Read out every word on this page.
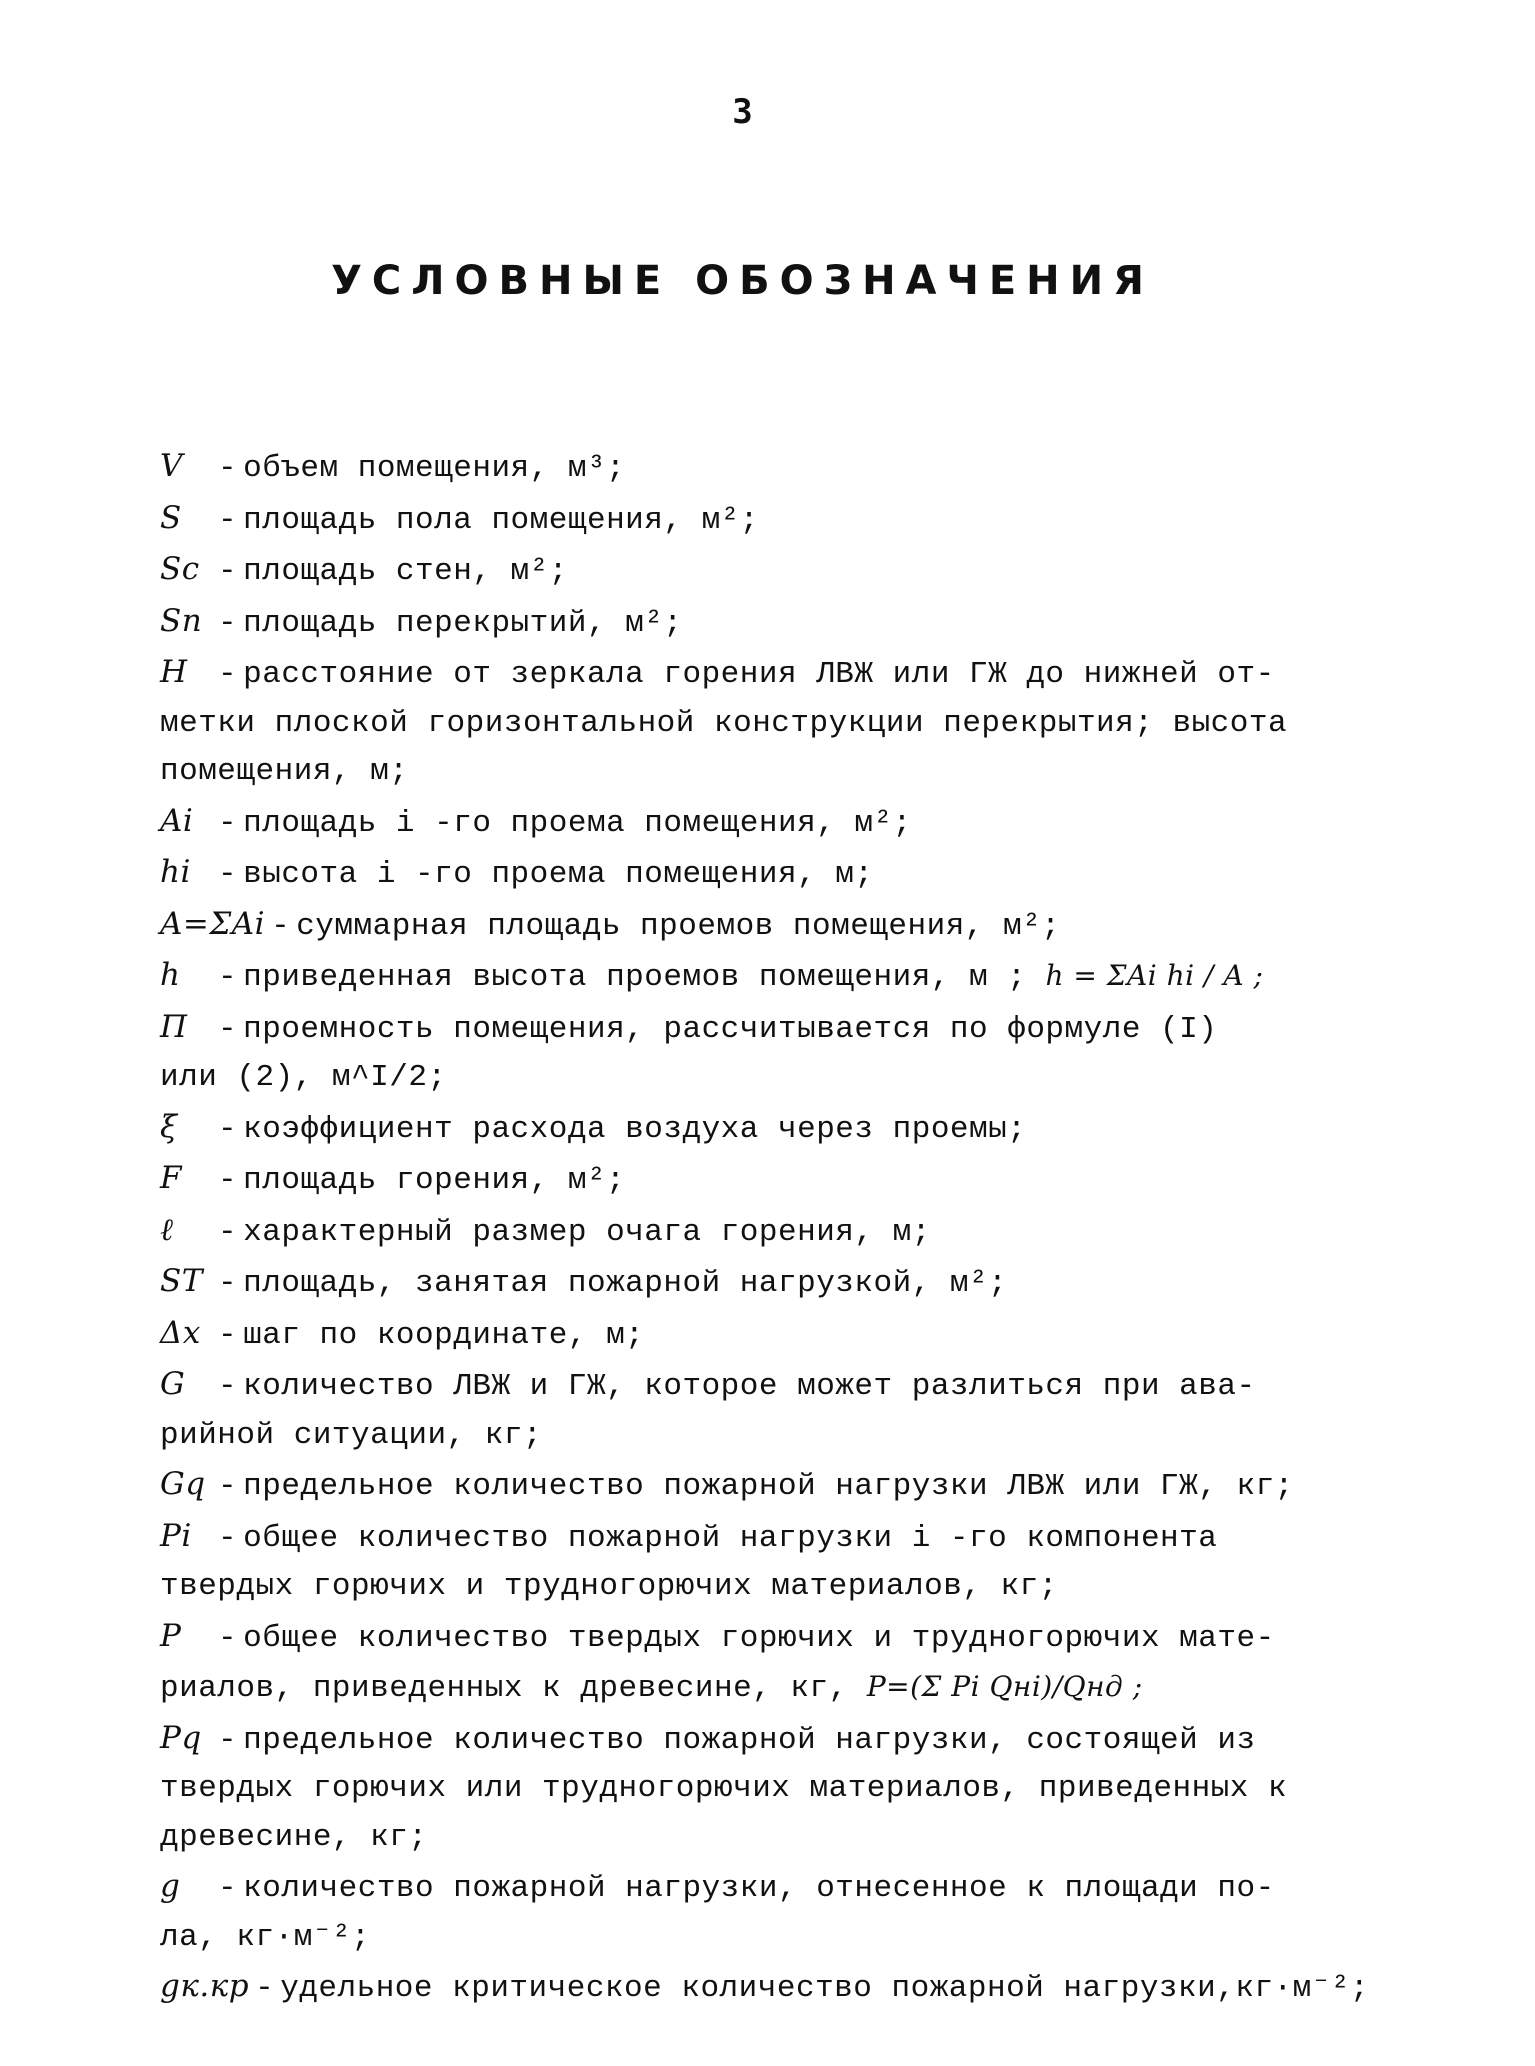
3
УСЛОВНЫЕ ОБОЗНАЧЕНИЯ
V - объем помещения, м³;
S - площадь пола помещения, м²;
Sc - площадь стен, м²;
Sп - площадь перекрытий, м²;
H - расстояние от зеркала горения ЛВЖ или ГЖ до нижней от-
метки плоской горизонтальной конструкции перекрытия; высота
помещения, м;
Ai - площадь i -го проема помещения, м²;
hi - высота i -го проема помещения, м;
A=ΣAi - суммарная площадь проемов помещения, м²;
h - приведенная высота проемов помещения, м ; h = ΣAi hi / A ;
П - проемность помещения, рассчитывается по формуле (I)
или (2), м^I/2;
ξ - коэффициент расхода воздуха через проемы;
F - площадь горения, м²;
ℓ - характерный размер очага горения, м;
ST - площадь, занятая пожарной нагрузкой, м²;
Δx - шаг по координате, м;
G - количество ЛВЖ и ГЖ, которое может разлиться при ава-
рийной ситуации, кг;
Gq - предельное количество пожарной нагрузки ЛВЖ или ГЖ, кг;
Pi - общее количество пожарной нагрузки i -го компонента
твердых горючих и трудногорючих материалов, кг;
P - общее количество твердых горючих и трудногорючих мате-
риалов, приведенных к древесине, кг, P=(Σ Pi Qнi)/Qнд ;
Pq - предельное количество пожарной нагрузки, состоящей из
твердых горючих или трудногорючих материалов, приведенных к
древесине, кг;
g - количество пожарной нагрузки, отнесенное к площади по-
ла, кг·м⁻²;
gк.кр - удельное критическое количество пожарной нагрузки,кг·м⁻²;
